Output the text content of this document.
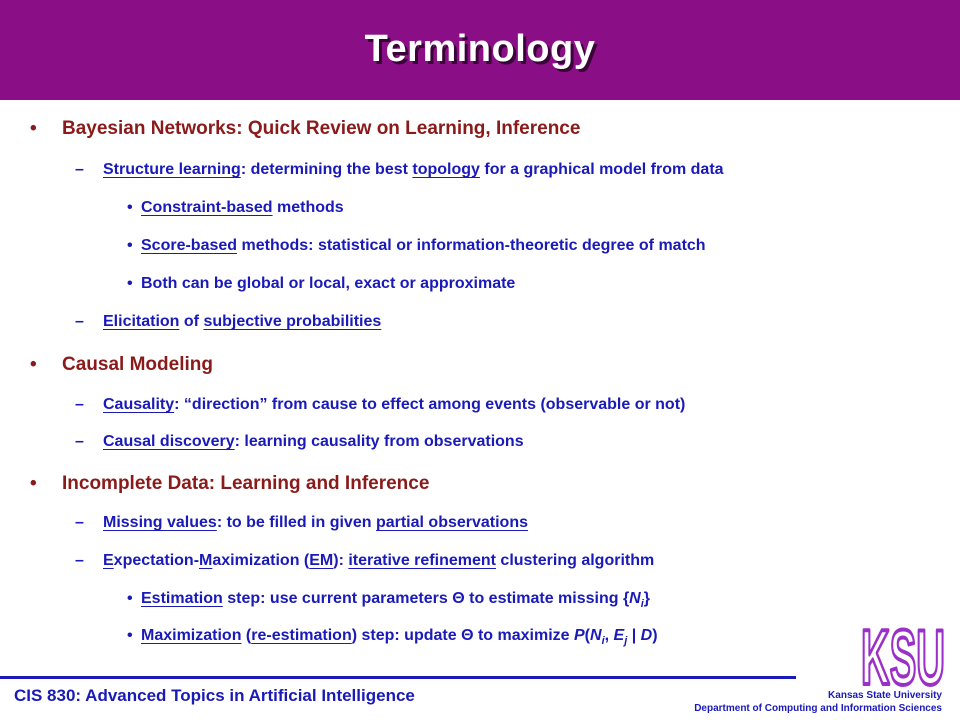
Terminology
• Bayesian Networks: Quick Review on Learning, Inference
– Structure learning: determining the best topology for a graphical model from data
• Constraint-based methods
• Score-based methods: statistical or information-theoretic degree of match
• Both can be global or local, exact or approximate
– Elicitation of subjective probabilities
• Causal Modeling
– Causality: “direction” from cause to effect among events (observable or not)
– Causal discovery: learning causality from observations
• Incomplete Data: Learning and Inference
– Missing values: to be filled in given partial observations
– Expectation-Maximization (EM): iterative refinement clustering algorithm
• Estimation step: use current parameters Θ to estimate missing $\{N_i\}$
• Maximization (re-estimation) step: update Θ to maximize $P(N_i$, $E_j$ | D)	KSU
CIS 830: Advanced Topics in Artificial Intelligence	Kansas State University
Department of Computing and Information Sciences
